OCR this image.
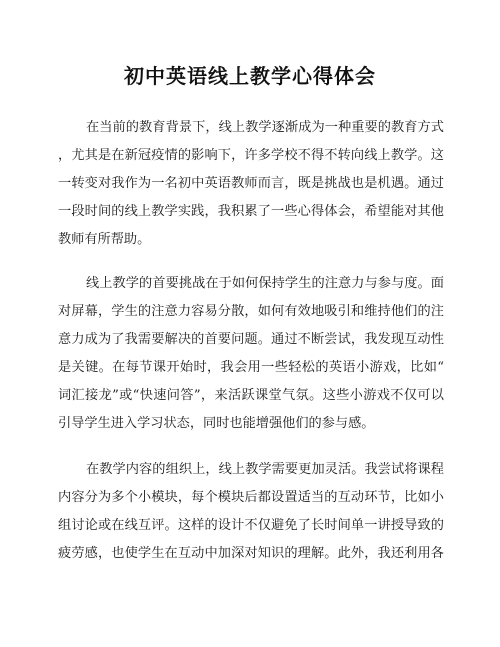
初中英语线上教学心得体会
在当前的教育背景下，线上教学逐渐成为一种重要的教育方式
，尤其是在新冠疫情的影响下，许多学校不得不转向线上教学。这
一转变对我作为一名初中英语教师而言，既是挑战也是机遇。通过
一段时间的线上教学实践，我积累了一些心得体会，希望能对其他
教师有所帮助。
线上教学的首要挑战在于如何保持学生的注意力与参与度。面
对屏幕，学生的注意力容易分散，如何有效地吸引和维持他们的注
意力成为了我需要解决的首要问题。通过不断尝试，我发现互动性
是关键。在每节课开始时，我会用一些轻松的英语小游戏，比如“
词汇接龙”或“快速问答”，来活跃课堂气氛。这些小游戏不仅可以
引导学生进入学习状态，同时也能增强他们的参与感。
在教学内容的组织上，线上教学需要更加灵活。我尝试将课程
内容分为多个小模块，每个模块后都设置适当的互动环节，比如小
组讨论或在线互评。这样的设计不仅避免了长时间单一讲授导致的
疲劳感，也使学生在互动中加深对知识的理解。此外，我还利用各
